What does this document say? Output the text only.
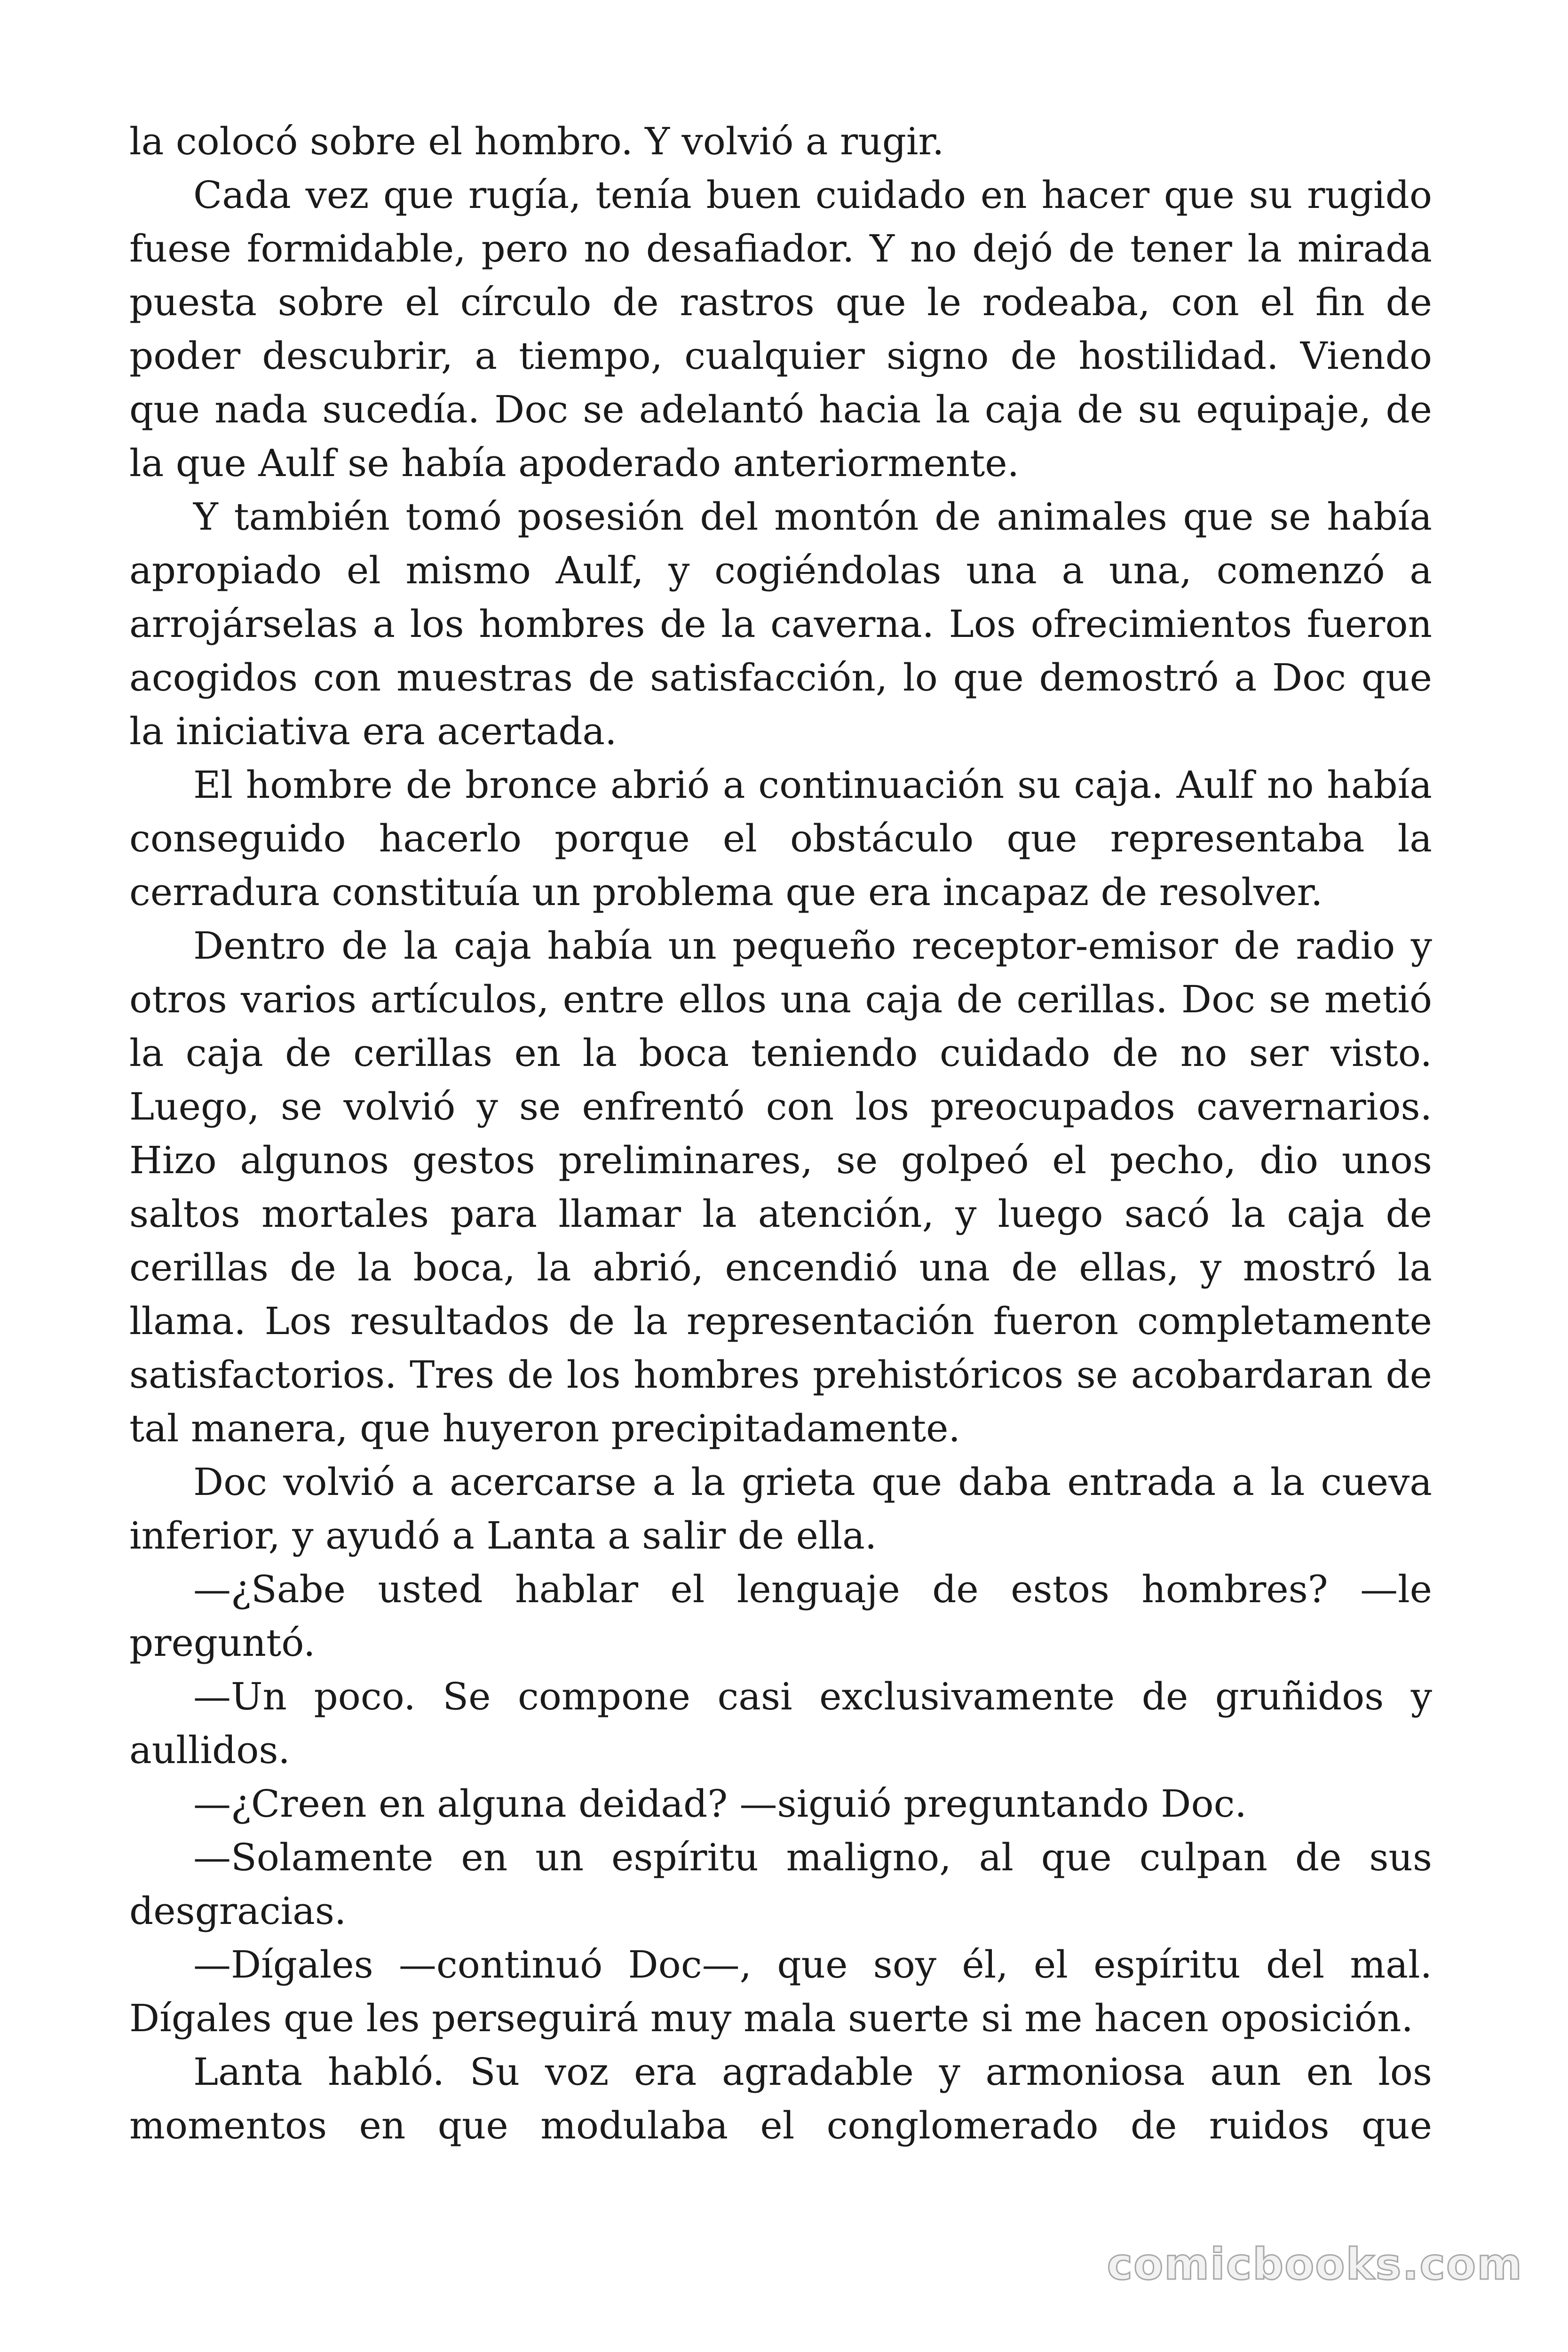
la colocó sobre el hombro. Y volvió a rugir.

Cada vez que rugía, tenía buen cuidado en hacer que su rugido fuese formidable, pero no desafiador. Y no dejó de tener la mirada puesta sobre el círculo de rastros que le rodeaba, con el fin de poder descubrir, a tiempo, cualquier signo de hostilidad. Viendo que nada sucedía. Doc se adelantó hacia la caja de su equipaje, de la que Aulf se había apoderado anteriormente.

Y también tomó posesión del montón de animales que se había apropiado el mismo Aulf, y cogiéndolas una a una, comenzó a arrojárselas a los hombres de la caverna. Los ofrecimientos fueron acogidos con muestras de satisfacción, lo que demostró a Doc que la iniciativa era acertada.

El hombre de bronce abrió a continuación su caja. Aulf no había conseguido hacerlo porque el obstáculo que representaba la cerradura constituía un problema que era incapaz de resolver.

Dentro de la caja había un pequeño receptor-emisor de radio y otros varios artículos, entre ellos una caja de cerillas. Doc se metió la caja de cerillas en la boca teniendo cuidado de no ser visto. Luego, se volvió y se enfrentó con los preocupados cavernarios. Hizo algunos gestos preliminares, se golpeó el pecho, dio unos saltos mortales para llamar la atención, y luego sacó la caja de cerillas de la boca, la abrió, encendió una de ellas, y mostró la llama. Los resultados de la representación fueron completamente satisfactorios. Tres de los hombres prehistóricos se acobardaran de tal manera, que huyeron precipitadamente.

Doc volvió a acercarse a la grieta que daba entrada a la cueva inferior, y ayudó a Lanta a salir de ella.

—¿Sabe usted hablar el lenguaje de estos hombres? —le preguntó.

—Un poco. Se compone casi exclusivamente de gruñidos y aullidos.

—¿Creen en alguna deidad? —siguió preguntando Doc.

—Solamente en un espíritu maligno, al que culpan de sus desgracias.

—Dígales —continuó Doc—, que soy él, el espíritu del mal. Dígales que les perseguirá muy mala suerte si me hacen oposición.

Lanta habló. Su voz era agradable y armoniosa aun en los momentos en que modulaba el conglomerado de ruidos que

comicbooks.com
